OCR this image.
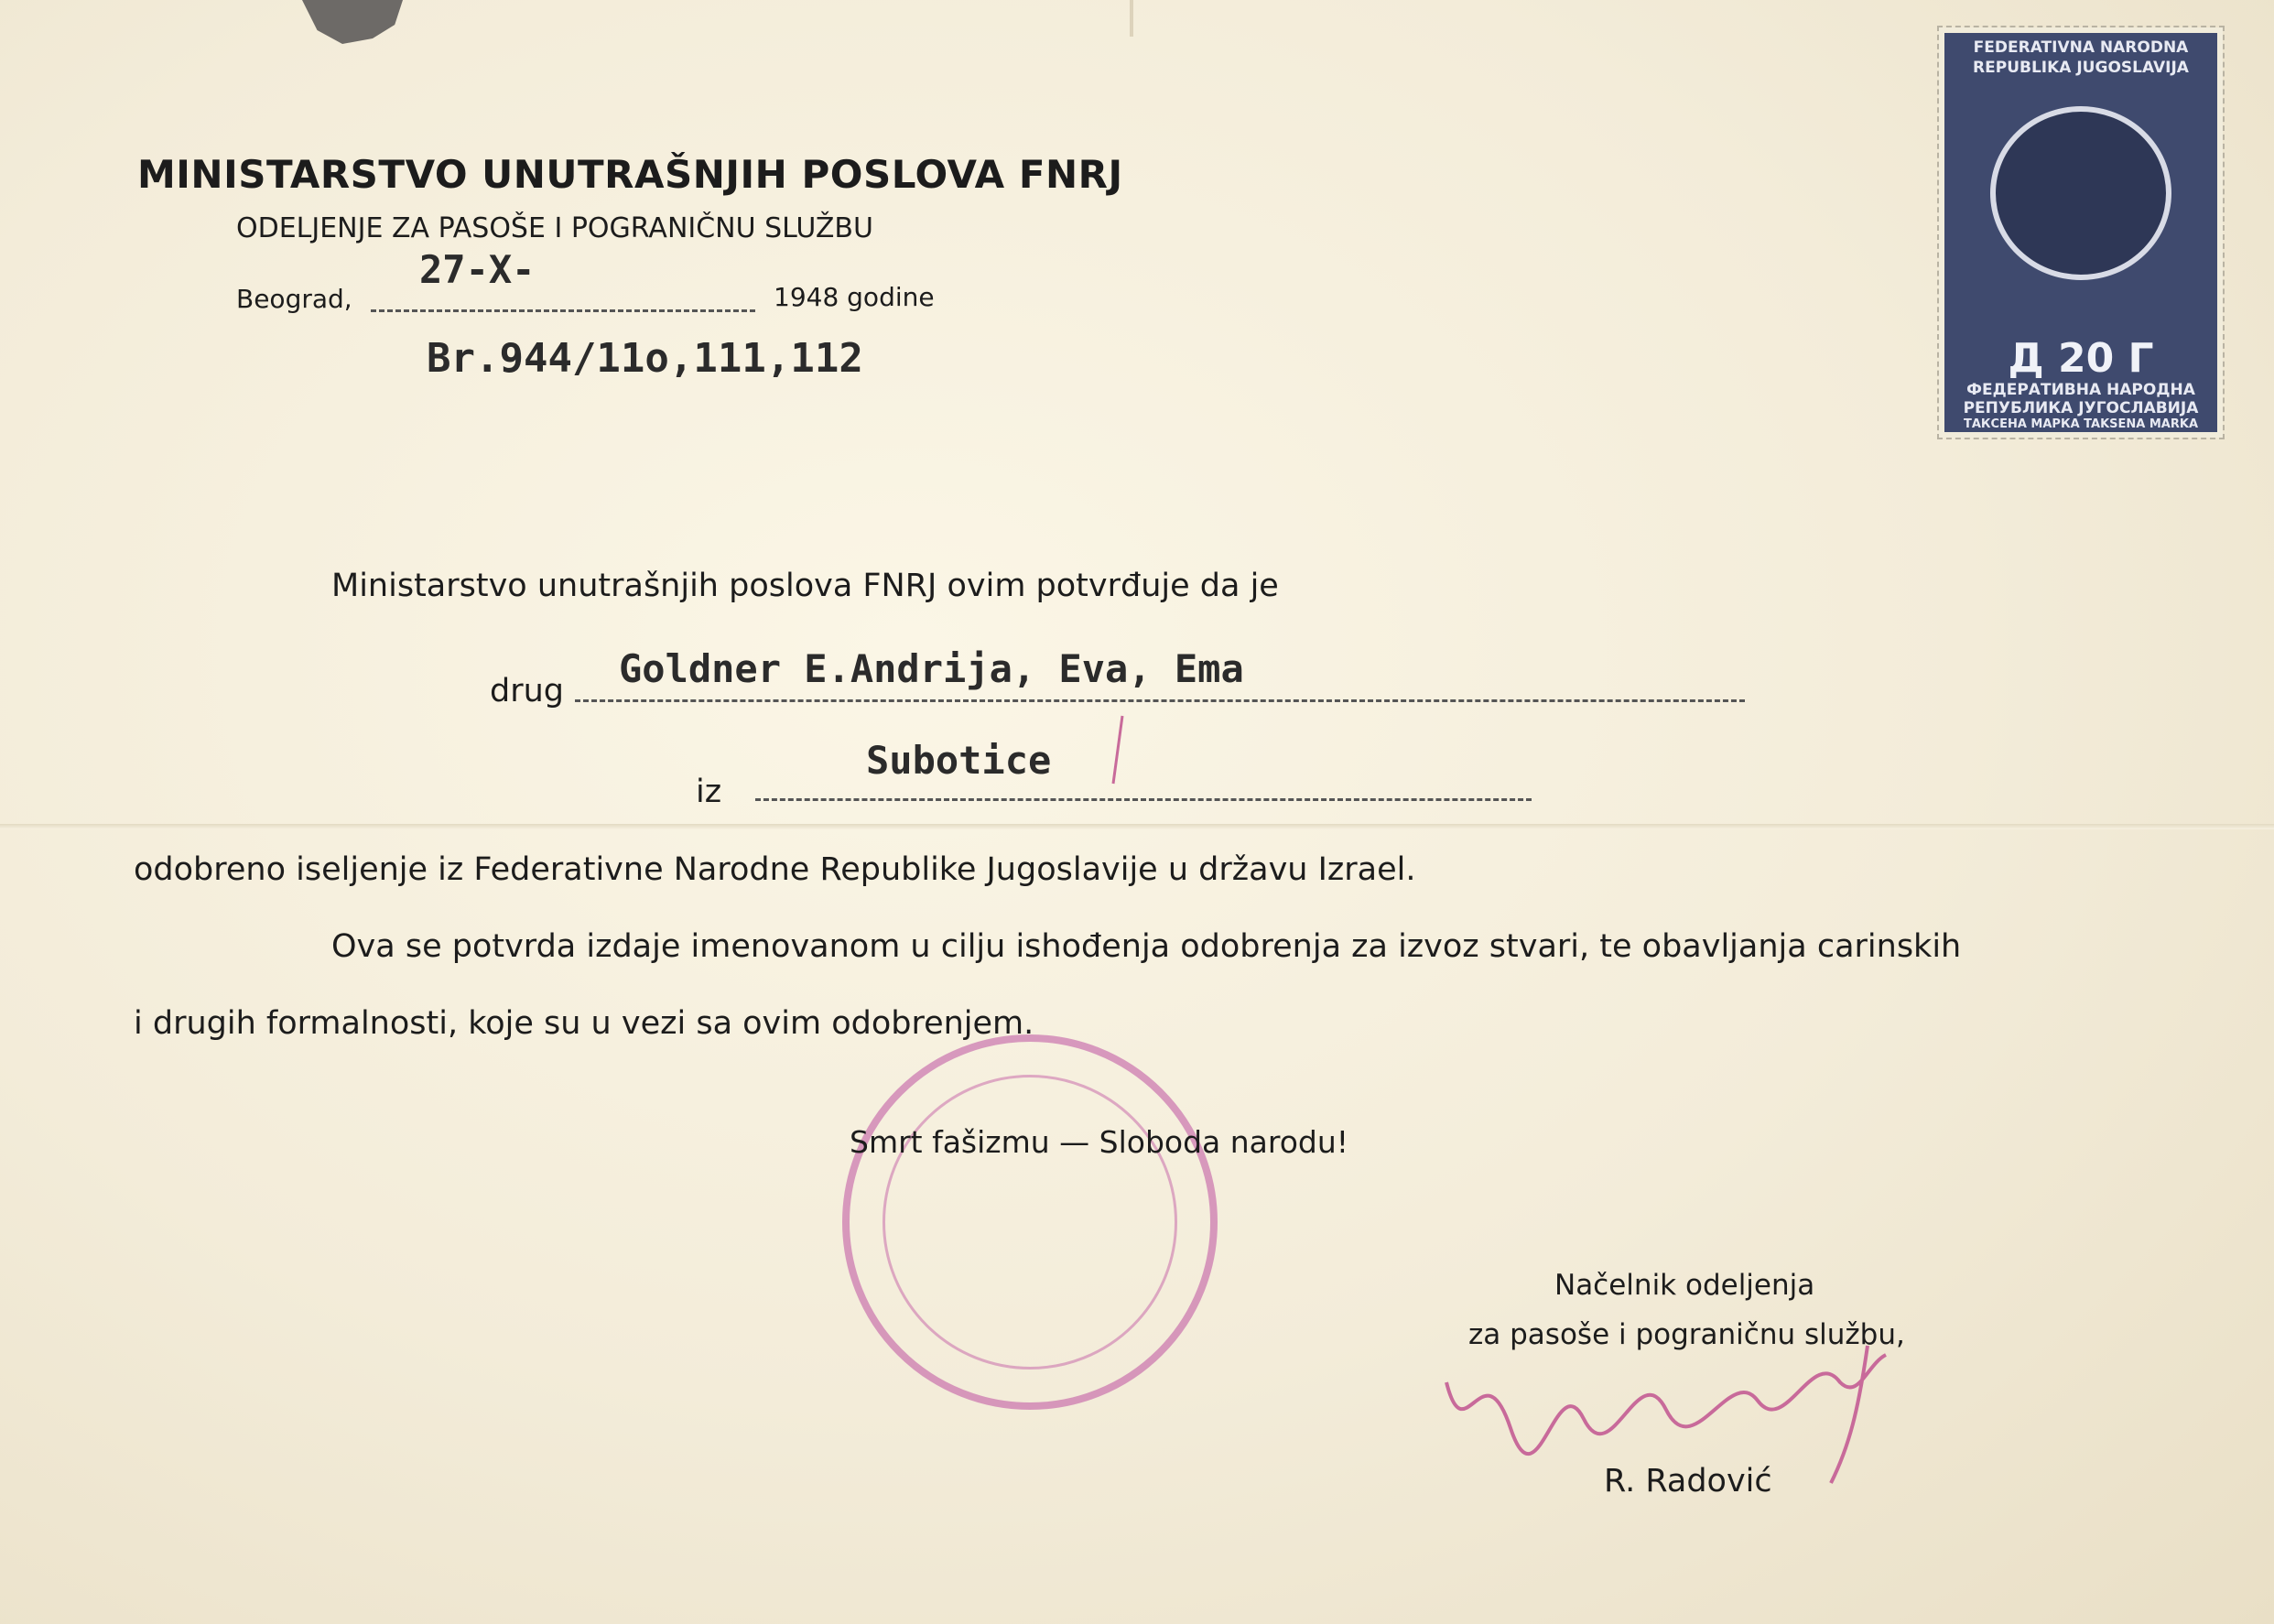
MINISTARSTVO UNUTRAŠNJIH POSLOVA FNRJ
ODELJENJE ZA PASOŠE I POGRANIČNU SLUŽBU
Beograd,
27-X-
1948 godine
Br.944/11o,111,112
FEDERATIVNA NARODNA
REPUBLIKA JUGOSLAVIJA
Д 20 Г
ФЕДЕРАТИВНА НАРОДНА
РЕПУБЛИКА ЈУГОСЛАВИЈА
ТАКСЕНА МАРКА TAKSENA MARKA
Ministarstvo unutrašnjih poslova FNRJ ovim potvrđuje da je
drug Goldner E.Andrija, Eva, Ema
iz
Subotice
odobreno iseljenje iz Federativne Narodne Republike Jugoslavije u državu Izrael.
Ova se potvrda izdaje imenovanom u cilju ishođenja odobrenja za izvoz stvari, te obavljanja carinskih
i drugih formalnosti, koje su u vezi sa ovim odobrenjem.
Smrt fašizmu — Sloboda narodu!
Načelnik odeljenja
za pasoše i pograničnu službu,
R. Radović
